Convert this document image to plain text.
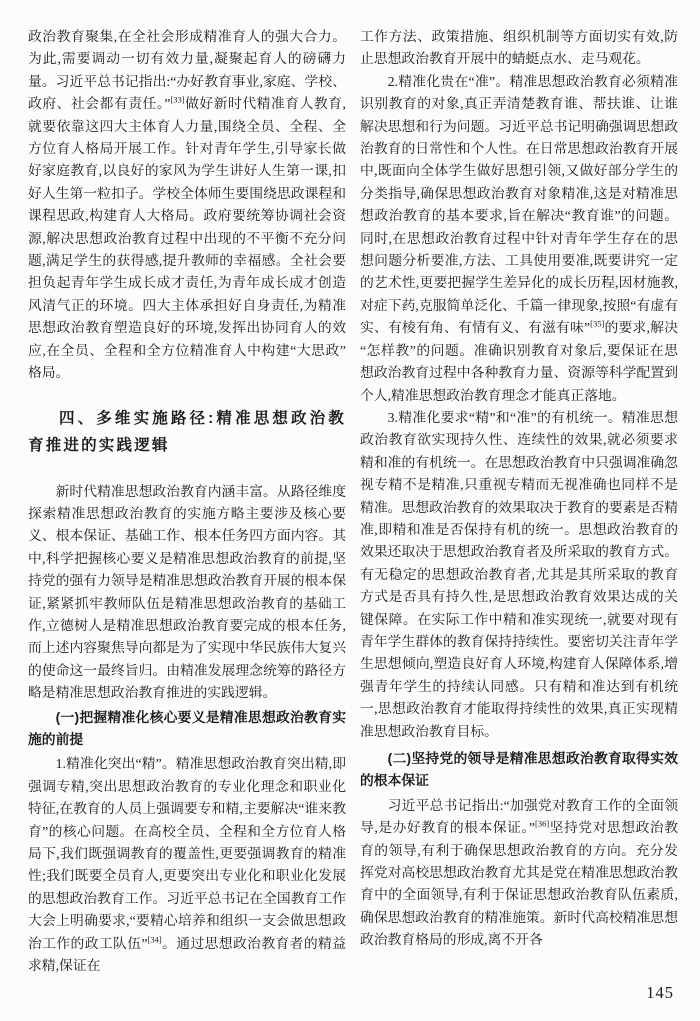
政治教育聚集,在全社会形成精准育人的强大合力。为此,需要调动一切有效力量,凝聚起育人的磅礴力量。习近平总书记指出:“办好教育事业,家庭、学校、政府、社会都有责任。”[33]做好新时代精准育人教育,就要依靠这四大主体育人力量,围绕全员、全程、全方位育人格局开展工作。针对青年学生,引导家长做好家庭教育,以良好的家风为学生讲好人生第一课,扣好人生第一粒扣子。学校全体师生要围绕思政课程和课程思政,构建育人大格局。政府要统筹协调社会资源,解决思想政治教育过程中出现的不平衡不充分问题,满足学生的获得感,提升教师的幸福感。全社会要担负起青年学生成长成才责任,为青年成长成才创造风清气正的环境。四大主体承担好自身责任,为精准思想政治教育塑造良好的环境,发挥出协同育人的效应,在全员、全程和全方位精准育人中构建“大思政”格局。

四、多维实施路径:精准思想政治教育推进的实践逻辑

新时代精准思想政治教育内涵丰富。从路径维度探索精准思想政治教育的实施方略主要涉及核心要义、根本保证、基础工作、根本任务四方面内容。其中,科学把握核心要义是精准思想政治教育的前提,坚持党的强有力领导是精准思想政治教育开展的根本保证,紧紧抓牢教师队伍是精准思想政治教育的基础工作,立德树人是精准思想政治教育要完成的根本任务,而上述内容聚焦导向都是为了实现中华民族伟大复兴的使命这一最终旨归。由精准发展理念统筹的路径方略是精准思想政治教育推进的实践逻辑。

(一)把握精准化核心要义是精准思想政治教育实施的前提

1.精准化突出“精”。精准思想政治教育突出精,即强调专精,突出思想政治教育的专业化理念和职业化特征,在教育的人员上强调要专和精,主要解决“谁来教育”的核心问题。在高校全员、全程和全方位育人格局下,我们既强调教育的覆盖性,更要强调教育的精准性;我们既要全员育人,更要突出专业化和职业化发展的思想政治教育工作。习近平总书记在全国教育工作大会上明确要求,“要精心培养和组织一支会做思想政治工作的政工队伍”[34]。通过思想政治教育者的精益求精,保证在

工作方法、政策措施、组织机制等方面切实有效,防止思想政治教育开展中的蜻蜓点水、走马观花。

2.精准化贵在“准”。精准思想政治教育必须精准识别教育的对象,真正弄清楚教育谁、帮扶谁、让谁解决思想和行为问题。习近平总书记明确强调思想政治教育的日常性和个人性。在日常思想政治教育开展中,既面向全体学生做好思想引领,又做好部分学生的分类指导,确保思想政治教育对象精准,这是对精准思想政治教育的基本要求,旨在解决“教育谁”的问题。同时,在思想政治教育过程中针对青年学生存在的思想问题分析要准,方法、工具使用要准,既要讲究一定的艺术性,更要把握学生差异化的成长历程,因材施教,对症下药,克服简单泛化、千篇一律现象,按照“有虚有实、有棱有角、有情有义、有滋有味”[35]的要求,解决“怎样教”的问题。准确识别教育对象后,要保证在思想政治教育过程中各种教育力量、资源等科学配置到个人,精准思想政治教育理念才能真正落地。

3.精准化要求“精”和“准”的有机统一。精准思想政治教育欲实现持久性、连续性的效果,就必须要求精和准的有机统一。在思想政治教育中只强调准确忽视专精不是精准,只重视专精而无视准确也同样不是精准。思想政治教育的效果取决于教育的要素是否精准,即精和准是否保持有机的统一。思想政治教育的效果还取决于思想政治教育者及所采取的教育方式。有无稳定的思想政治教育者,尤其是其所采取的教育方式是否具有持久性,是思想政治教育效果达成的关键保障。在实际工作中精和准实现统一,就要对现有青年学生群体的教育保持持续性。要密切关注青年学生思想倾向,塑造良好育人环境,构建育人保障体系,增强青年学生的持续认同感。只有精和准达到有机统一,思想政治教育才能取得持续性的效果,真正实现精准思想政治教育目标。

(二)坚持党的领导是精准思想政治教育取得实效的根本保证

习近平总书记指出:“加强党对教育工作的全面领导,是办好教育的根本保证。”[36]坚持党对思想政治教育的领导,有利于确保思想政治教育的方向。充分发挥党对高校思想政治教育尤其是党在精准思想政治教育中的全面领导,有利于保证思想政治教育队伍素质,确保思想政治教育的精准施策。新时代高校精准思想政治教育格局的形成,离不开各

145
